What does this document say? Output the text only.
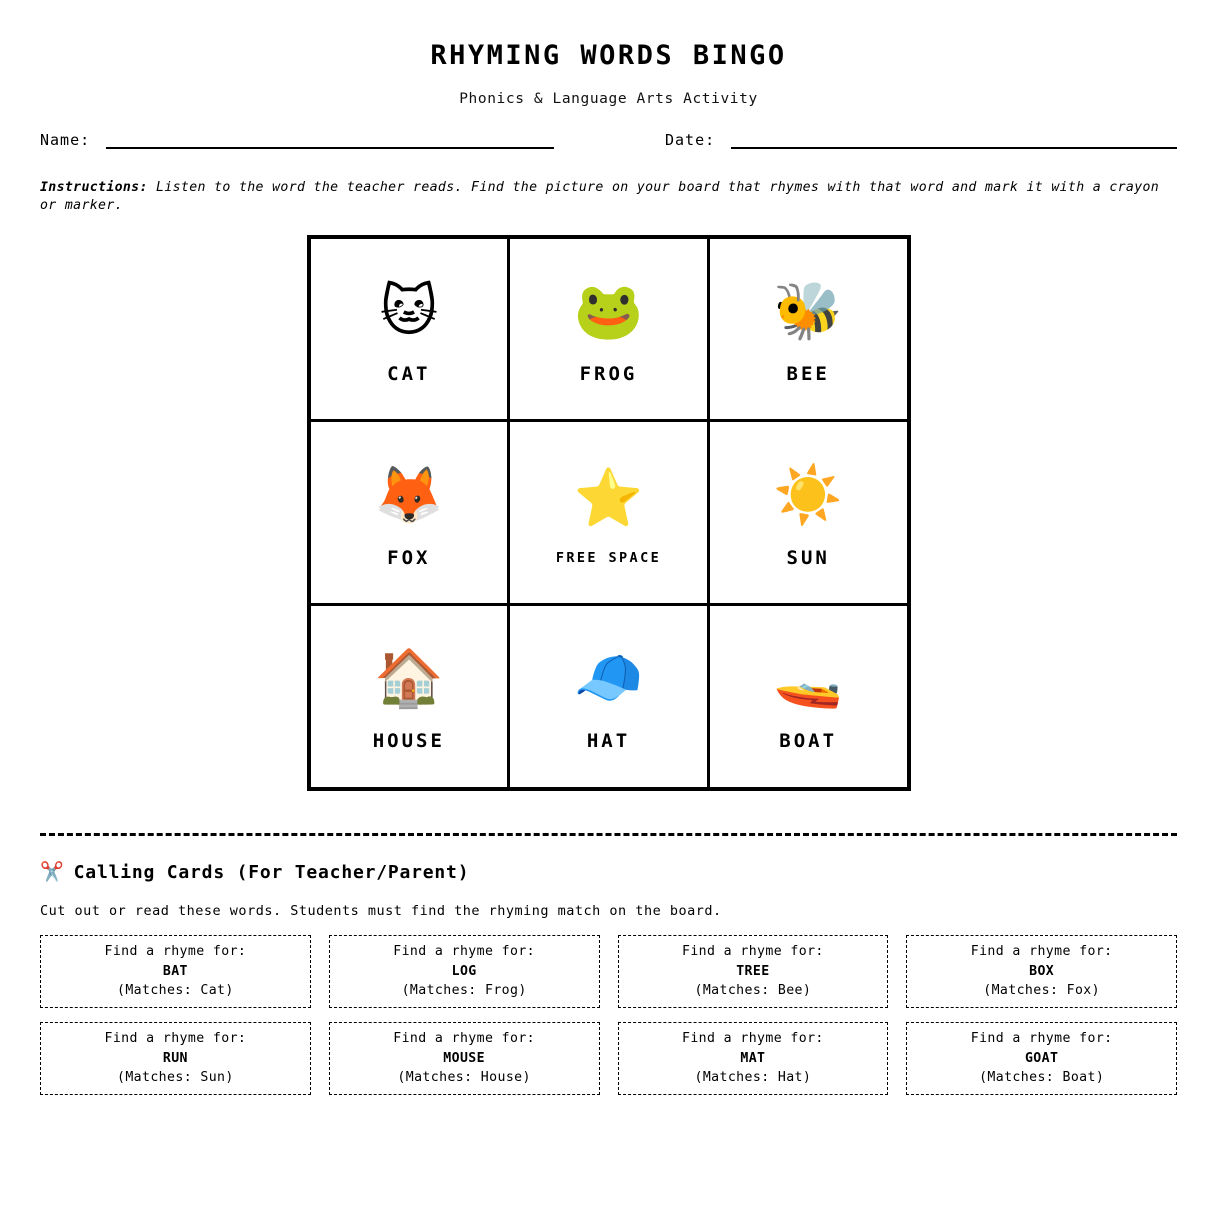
RHYMING WORDS BINGO
Phonics & Language Arts Activity
Name:	Date:
Instructions: Listen to the word the teacher reads. Find the picture on your board that rhymes with that word and mark it with a crayon or marker.
🐱
CAT
🐸
FROG
🐝
BEE
🦊
FOX
⭐
FREE SPACE
☀️
SUN
🏠
HOUSE
🧢
HAT
🚤
BOAT
✂️ Calling Cards (For Teacher/Parent)
Cut out or read these words. Students must find the rhyming match on the board.
Find a rhyme for:
BAT
(Matches: Cat)
Find a rhyme for:
LOG
(Matches: Frog)
Find a rhyme for:
TREE
(Matches: Bee)
Find a rhyme for:
BOX
(Matches: Fox)
Find a rhyme for:
RUN
(Matches: Sun)
Find a rhyme for:
MOUSE
(Matches: House)
Find a rhyme for:
MAT
(Matches: Hat)
Find a rhyme for:
GOAT
(Matches: Boat)
